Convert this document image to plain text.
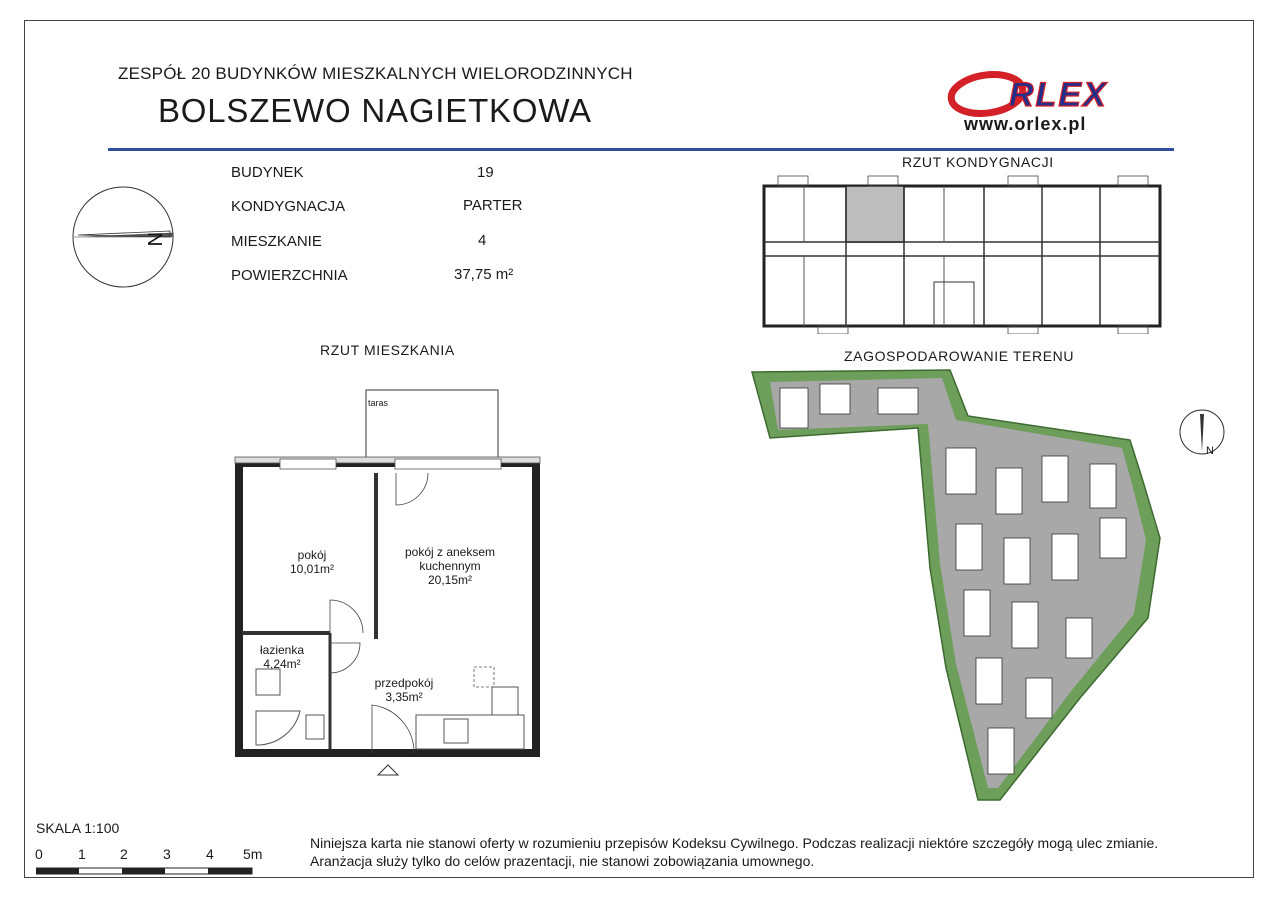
ZESPÓŁ 20 BUDYNKÓW MIESZKALNYCH WIELORODZINNYCH
BOLSZEWO NAGIETKOWA	RLEX
www.orlex.pl
N
BUDYNEK	19
KONDYGNACJA	PARTER
MIESZKANIE	4
POWIERZCHNIA	37,75 m²
RZUT MIESZKANIA
RZUT KONDYGNACJI
ZAGOSPODAROWANIE TERENU
taras
pokój
10,01m²
pokój z aneksem
kuchennym
20,15m²
łazienka
4,24m²
przedpokój
3,35m²
N
SKALA 1:100
0	1 2	3	4 5m
Niniejsza karta nie stanowi oferty w rozumieniu przepisów Kodeksu Cywilnego. Podczas realizacji niektóre szczegóły mogą ulec zmianie.
Aranżacja służy tylko do celów prazentacji, nie stanowi zobowiązania umownego.
